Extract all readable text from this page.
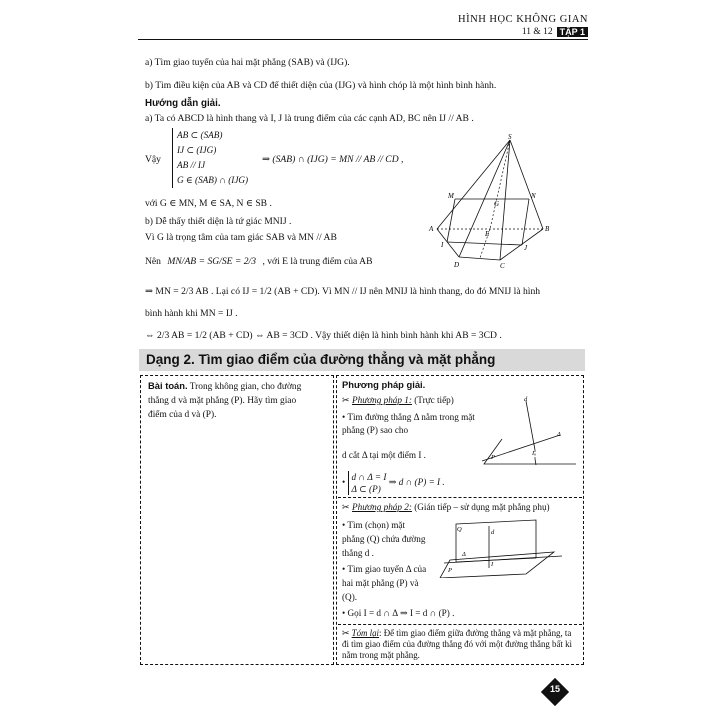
HÌNH HỌC KHÔNG GIAN
11 & 12 TẬP 1
a) Tìm giao tuyến của hai mặt phẳng (SAB) và (IJG).
b) Tìm điều kiện của AB và CD để thiết diện của (IJG) và hình chóp là một hình bình hành.
Hướng dẫn giải.
a) Ta có ABCD là hình thang và I, J là trung điểm của các cạnh AD, BC nên IJ // AB .
Vậy
AB ⊂ (SAB)
IJ ⊂ (IJG)
AB // IJ
G ∈ (SAB) ∩ (IJG)
⇒ (SAB) ∩ (IJG) = MN // AB // CD ,
với G ∈ MN, M ∈ SA, N ∈ SB .
b) Dễ thấy thiết diện là tứ giác MNIJ .
Vì G là trọng tâm của tam giác SAB và MN // AB
Nên MN/AB = SG/SE = 2/3 , với E là trung điểm của AB
⇒ MN = 2/3 AB . Lại có IJ = 1/2 (AB + CD). Vì MN // IJ nên MNIJ là hình thang, do đó MNIJ là hình
bình hành khi MN = IJ .
⇔ 2/3 AB = 1/2 (AB + CD) ⇔ AB = 3CD . Vậy thiết diện là hình bình hành khi AB = 3CD .
S
M	N
G
A	B
E
I	J
D	C
Dạng 2. Tìm giao điểm của đường thẳng và mặt phẳng
Bài toán. Trong không gian, cho đường
thẳng d và mặt phẳng (P). Hãy tìm giao
điểm của d và (P).
Phương pháp giải.
✂ Phương pháp 1: (Trực tiếp)
• Tìm đường thẳng Δ nằm trong mặt phẳng (P) sao cho
d cắt Δ tại một điểm I .
•
d ∩ Δ = I
Δ ⊂ (P)
⇒ d ∩ (P) = I .
✂ Phương pháp 2: (Gián tiếp – sử dụng mặt phẳng phụ)
• Tìm (chọn) mặt phẳng (Q) chứa đường thẳng d .
• Tìm giao tuyến Δ của hai mặt phẳng (P) và (Q).
• Gọi I = d ∩ Δ ⇒ I = d ∩ (P) .
✂ Tóm lại: Để tìm giao điểm giữa đường thẳng và mặt phẳng, ta đi tìm giao điểm của đường thẳng đó với một đường thẳng bất kì nằm trong mặt phẳng.
d
Δ
I
P
Q	d
Δ
I
P
15
